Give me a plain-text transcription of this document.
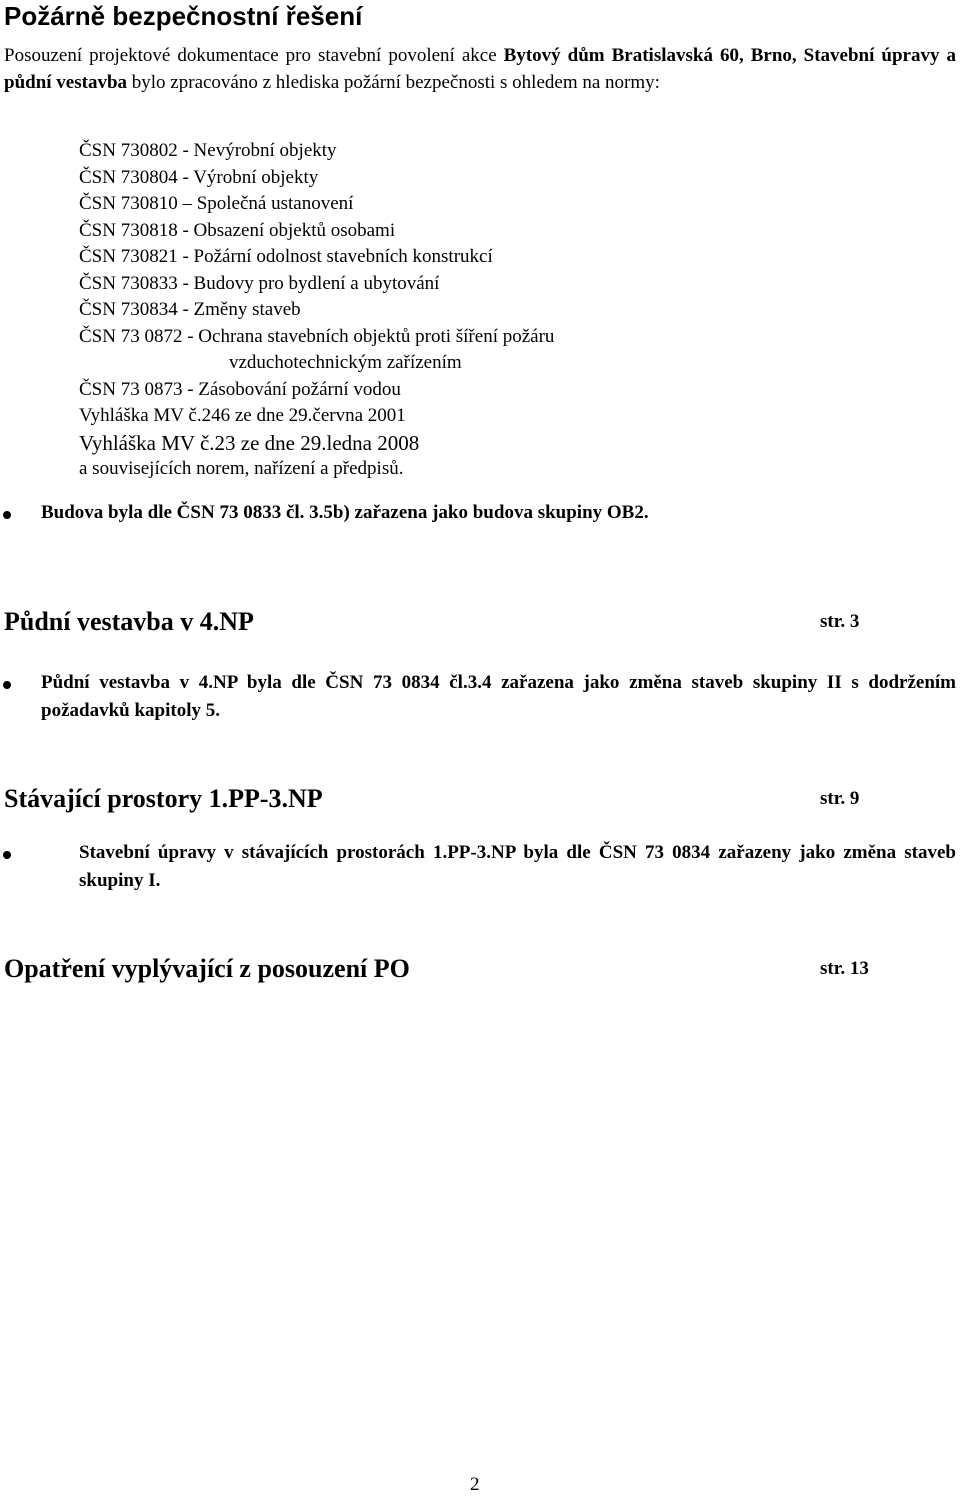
Požárně bezpečnostní řešení
Posouzení projektové dokumentace pro stavební povolení akce Bytový dům Bratislavská 60, Brno, Stavební úpravy a půdní vestavba bylo zpracováno z hlediska požární bezpečnosti s ohledem na normy:
ČSN 730802 - Nevýrobní objekty
ČSN 730804 - Výrobní objekty
ČSN 730810 – Společná ustanovení
ČSN 730818 - Obsazení objektů osobami
ČSN 730821 - Požární odolnost stavebních konstrukcí
ČSN 730833 - Budovy pro bydlení a ubytování
ČSN 730834 - Změny staveb
ČSN 73 0872 - Ochrana stavebních objektů proti šíření požáru
vzduchotechnickým zařízením
ČSN 73 0873 - Zásobování požární vodou
Vyhláška MV č.246 ze dne 29.června 2001
Vyhláška MV č.23 ze dne 29.ledna 2008
a souvisejících norem, nařízení a předpisů.
Budova byla dle ČSN 73 0833 čl. 3.5b) zařazena jako budova skupiny OB2.
Půdní vestavba v 4.NP	str. 3
Půdní vestavba v 4.NP byla dle ČSN 73 0834 čl.3.4 zařazena jako změna staveb skupiny II s dodržením požadavků kapitoly 5.
Stávající prostory 1.PP-3.NP	str. 9
Stavební úpravy v stávajících prostorách 1.PP-3.NP byla dle ČSN 73 0834 zařazeny jako změna staveb skupiny I.
Opatření vyplývající z posouzení PO	str. 13
2
